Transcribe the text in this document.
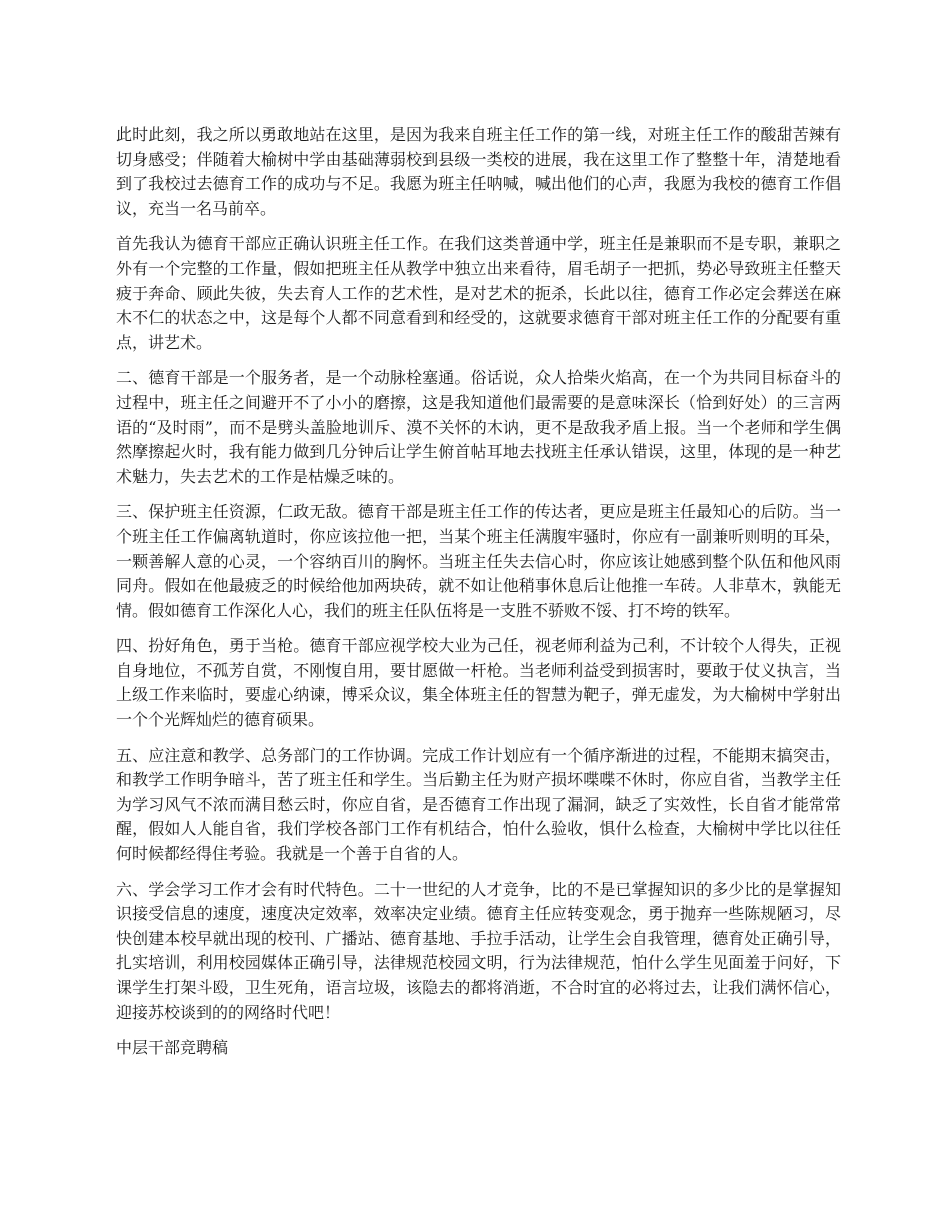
此时此刻，我之所以勇敢地站在这里，是因为我来自班主任工作的第一线，对班主任工作的酸甜苦辣有切身感受；伴随着大榆树中学由基础薄弱校到县级一类校的进展，我在这里工作了整整十年，清楚地看到了我校过去德育工作的成功与不足。我愿为班主任呐喊，喊出他们的心声，我愿为我校的德育工作倡议，充当一名马前卒。

首先我认为德育干部应正确认识班主任工作。在我们这类普通中学，班主任是兼职而不是专职，兼职之外有一个完整的工作量，假如把班主任从教学中独立出来看待，眉毛胡子一把抓，势必导致班主任整天疲于奔命、顾此失彼，失去育人工作的艺术性，是对艺术的扼杀，长此以往，德育工作必定会葬送在麻木不仁的状态之中，这是每个人都不同意看到和经受的，这就要求德育干部对班主任工作的分配要有重点，讲艺术。

二、德育干部是一个服务者，是一个动脉栓塞通。俗话说，众人拾柴火焰高，在一个为共同目标奋斗的过程中，班主任之间避开不了小小的磨擦，这是我知道他们最需要的是意味深长（恰到好处）的三言两语的“及时雨”，而不是劈头盖脸地训斥、漠不关怀的木讷，更不是敌我矛盾上报。当一个老师和学生偶然摩擦起火时，我有能力做到几分钟后让学生俯首帖耳地去找班主任承认错误，这里，体现的是一种艺术魅力，失去艺术的工作是枯燥乏味的。

三、保护班主任资源，仁政无敌。德育干部是班主任工作的传达者，更应是班主任最知心的后防。当一个班主任工作偏离轨道时，你应该拉他一把，当某个班主任满腹牢骚时，你应有一副兼听则明的耳朵，一颗善解人意的心灵，一个容纳百川的胸怀。当班主任失去信心时，你应该让她感到整个队伍和他风雨同舟。假如在他最疲乏的时候给他加两块砖，就不如让他稍事休息后让他推一车砖。人非草木，孰能无情。假如德育工作深化人心，我们的班主任队伍将是一支胜不骄败不馁、打不垮的铁军。

四、扮好角色，勇于当枪。德育干部应视学校大业为己任，视老师利益为己利，不计较个人得失，正视自身地位，不孤芳自赏，不刚愎自用，要甘愿做一杆枪。当老师利益受到损害时，要敢于仗义执言，当上级工作来临时，要虚心纳谏，博采众议，集全体班主任的智慧为靶子，弹无虚发，为大榆树中学射出一个个光辉灿烂的德育硕果。

五、应注意和教学、总务部门的工作协调。完成工作计划应有一个循序渐进的过程，不能期末搞突击，和教学工作明争暗斗，苦了班主任和学生。当后勤主任为财产损坏喋喋不休时，你应自省，当教学主任为学习风气不浓而满目愁云时，你应自省，是否德育工作出现了漏洞，缺乏了实效性，长自省才能常常醒，假如人人能自省，我们学校各部门工作有机结合，怕什么验收，惧什么检查，大榆树中学比以往任何时候都经得住考验。我就是一个善于自省的人。

六、学会学习工作才会有时代特色。二十一世纪的人才竞争，比的不是已掌握知识的多少比的是掌握知识接受信息的速度，速度决定效率，效率决定业绩。德育主任应转变观念，勇于抛弃一些陈规陋习，尽快创建本校早就出现的校刊、广播站、德育基地、手拉手活动，让学生会自我管理，德育处正确引导，扎实培训，利用校园媒体正确引导，法律规范校园文明，行为法律规范，怕什么学生见面羞于问好，下课学生打架斗殴，卫生死角，语言垃圾，该隐去的都将消逝，不合时宜的必将过去，让我们满怀信心，迎接苏校谈到的的网络时代吧！

中层干部竞聘稿
